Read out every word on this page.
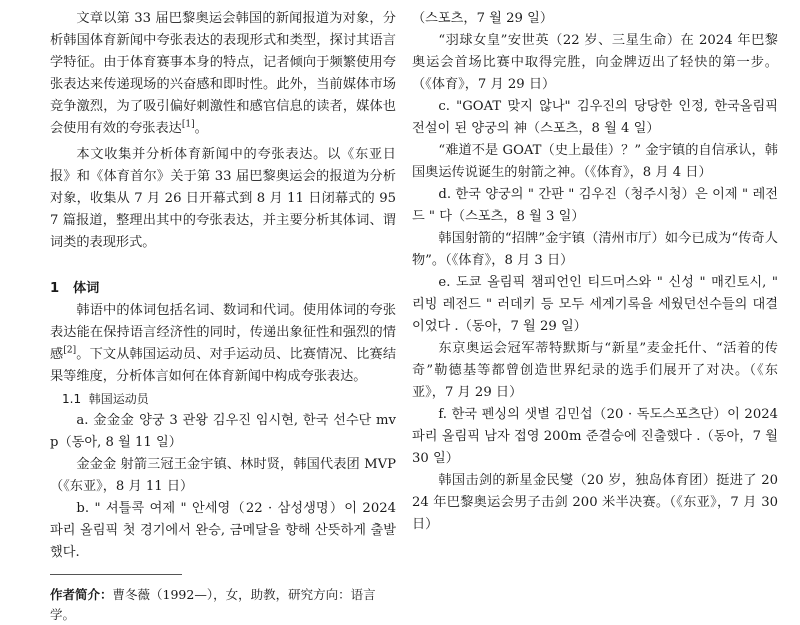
文章以第 33 届巴黎奥运会韩国的新闻报道为对象，分析韩国体育新闻中夸张表达的表现形式和类型，探讨其语言学特征。由于体育赛事本身的特点，记者倾向于频繁使用夸张表达来传递现场的兴奋感和即时性。此外，当前媒体市场竞争激烈，为了吸引偏好刺激性和感官信息的读者，媒体也会使用有效的夸张表达[1]。

本文收集并分析体育新闻中的夸张表达。以《东亚日报》和《体育首尔》关于第 33 届巴黎奥运会的报道为分析对象，收集从 7 月 26 日开幕式到 8 月 11 日闭幕式的 957 篇报道，整理出其中的夸张表达，并主要分析其体词、谓词类的表现形式。

1 体词

韩语中的体词包括名词、数词和代词。使用体词的夸张表达能在保持语言经济性的同时，传递出象征性和强烈的情感[2]。下文从韩国运动员、对手运动员、比赛情况、比赛结果等维度，分析体言如何在体育新闻中构成夸张表达。

1.1 韩国运动员

a. 金金金 양궁 3 관왕 김우진 임시현, 한국 선수단 mvp（동아, 8 월 11 일）

金金金 射箭三冠王金宇镇、林时贤，韩国代表团 MVP（《东亚》，8 月 11 日）

b. " 셔틀콕 여제 " 안세영（22 · 삼성생명）이 2024 파리 올림픽 첫 경기에서 완승, 금메달을 향해 산뜻하게 출발했다.

作者简介：曹冬薇（1992—），女，助教，研究方向：语言学。

（스포츠，7 월 29 일）

“羽球女皇”安世英（22 岁、三星生命）在 2024 年巴黎奥运会首场比赛中取得完胜，向金牌迈出了轻快的第一步。（《体育》，7 月 29 日）

c. "GOAT 맞지 않나" 김우진의 당당한 인정, 한국올림픽 전설이 된 양궁의 神（스포츠，8 월 4 일）

“难道不是 GOAT（史上最佳）？” 金宇镇的自信承认，韩国奥运传说诞生的射箭之神。（《体育》，8 月 4 日）

d. 한국 양궁의 " 간판 " 김우진（청주시청）은 이제 " 레전드 " 다（스포츠，8 월 3 일）

韩国射箭的“招牌”金宇镇（清州市厅）如今已成为“传奇人物”。（《体育》，8 月 3 日）

e. 도쿄 올림픽 챔피언인 티드머스와 " 신성 " 매킨토시, " 리빙 레전드 " 러데키 등 모두 세계기록을 세웠던선수들의 대결이었다 .（동아，7 월 29 일）

东京奥运会冠军蒂特默斯与“新星”麦金托什、“活着的传奇”勒德基等都曾创造世界纪录的选手们展开了对决。（《东亚》，7 月 29 日）

f. 한국 펜싱의 샛별 김민섭（20 · 독도스포츠단）이 2024 파리 올림픽 남자 접영 200m 준결승에 진출했다 .（동아，7 월 30 일）

韩国击剑的新星金民燮（20 岁，独岛体育团）挺进了 2024 年巴黎奥运会男子击剑 200 米半决赛。（《东亚》，7 月 30 日）
